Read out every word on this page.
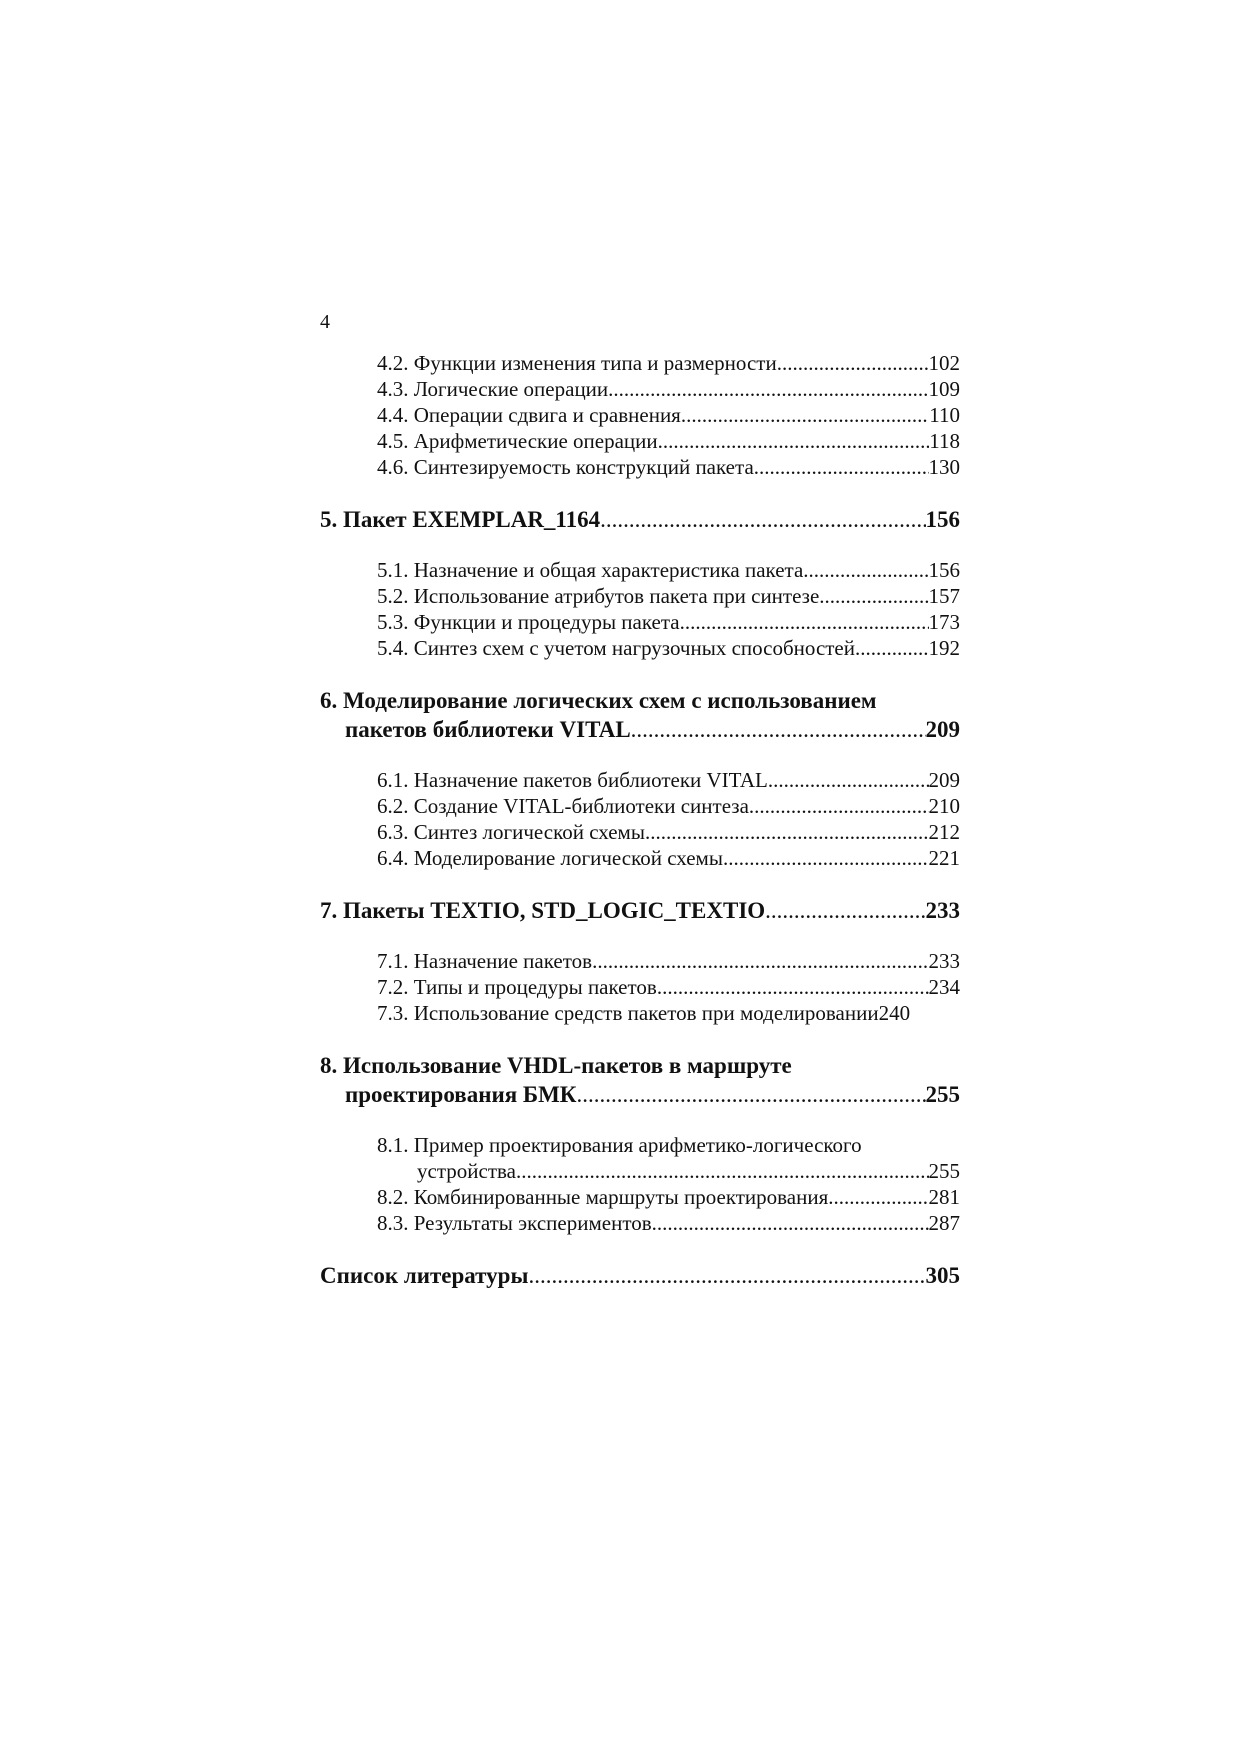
4
4.2. Функции изменения типа и размерности .....	102
4.3. Логические операции .....	109
4.4. Операции сдвига и сравнения .....	110
4.5. Арифметические операции .....	118
4.6. Синтезируемость конструкций пакета .....	130
5. Пакет EXEMPLAR_1164 .....	156
5.1. Назначение и общая характеристика пакета .....	156
5.2. Использование атрибутов пакета при синтезе .....	157
5.3. Функции и процедуры пакета .....	173
5.4. Синтез схем с учетом нагрузочных способностей .....	192
6. Моделирование логических схем с использованием
пакетов библиотеки VITAL .....	209
6.1. Назначение пакетов библиотеки VITAL .....	209
6.2. Создание VITAL-библиотеки синтеза .....	210
6.3. Синтез логической схемы .....	212
6.4. Моделирование логической схемы .....	221
7. Пакеты TEXTIO, STD_LOGIC_TEXTIO .....	233
7.1. Назначение пакетов .....	233
7.2. Типы и процедуры пакетов .....	234
7.3. Использование средств пакетов при моделировании 240
8. Использование VHDL-пакетов в маршруте
проектирования БМК .....	255
8.1. Пример проектирования арифметико-логического
устройства .....	255
8.2. Комбинированные маршруты проектирования .....	281
8.3. Результаты экспериментов .....	287
Список литературы .....	305
